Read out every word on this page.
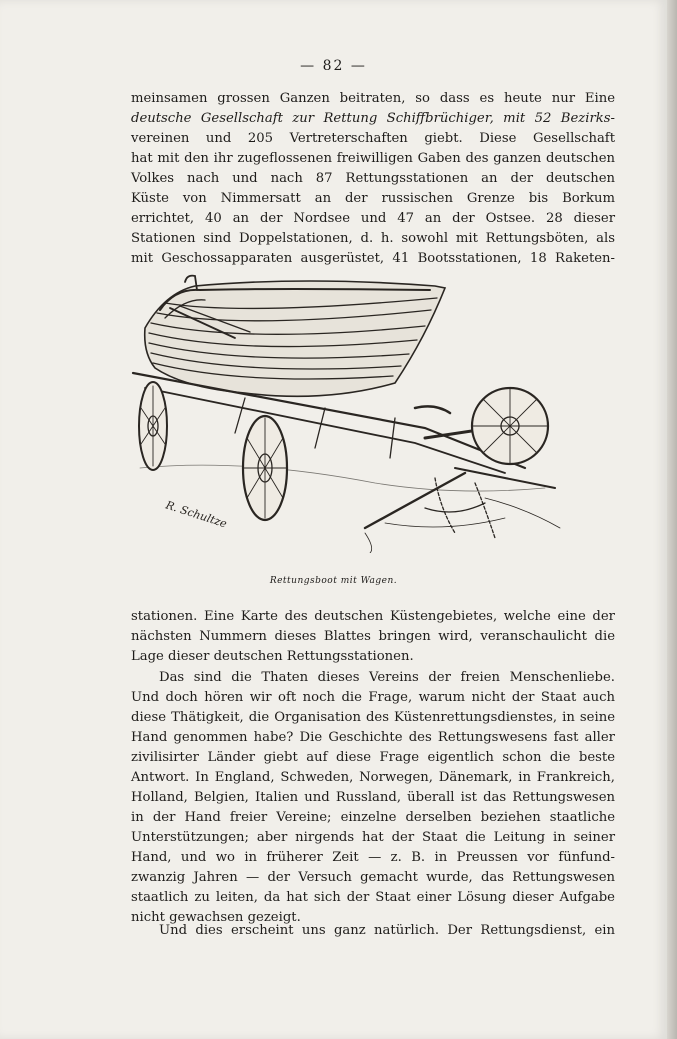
— 82 —
meinsamen grossen Ganzen beitraten, so dass es heute nur Eine
deutsche Gesellschaft zur Rettung Schiffbrüchiger, mit 52 Bezirks-
vereinen und 205 Vertreterschaften giebt. Diese Gesellschaft
hat mit den ihr zugeflossenen freiwilligen Gaben des ganzen deutschen
Volkes nach und nach 87 Rettungsstationen an der deutschen
Küste von Nimmersatt an der russischen Grenze bis Borkum
errichtet, 40 an der Nordsee und 47 an der Ostsee. 28 dieser
Stationen sind Doppelstationen, d. h. sowohl mit Rettungsböten, als
mit Geschossapparaten ausgerüstet, 41 Bootsstationen, 18 Raketen-
R. Schultze
Rettungsboot mit Wagen.
stationen. Eine Karte des deutschen Küstengebietes, welche eine der
nächsten Nummern dieses Blattes bringen wird, veranschaulicht die
Lage dieser deutschen Rettungsstationen.
Das sind die Thaten dieses Vereins der freien Menschenliebe.
Und doch hören wir oft noch die Frage, warum nicht der Staat auch
diese Thätigkeit, die Organisation des Küstenrettungsdienstes, in seine
Hand genommen habe? Die Geschichte des Rettungswesens fast aller
zivilisirter Länder giebt auf diese Frage eigentlich schon die beste
Antwort. In England, Schweden, Norwegen, Dänemark, in Frankreich,
Holland, Belgien, Italien und Russland, überall ist das Rettungswesen
in der Hand freier Vereine; einzelne derselben beziehen staatliche
Unterstützungen; aber nirgends hat der Staat die Leitung in seiner
Hand, und wo in früherer Zeit — z. B. in Preussen vor fünfund-
zwanzig Jahren — der Versuch gemacht wurde, das Rettungswesen
staatlich zu leiten, da hat sich der Staat einer Lösung dieser Aufgabe
nicht gewachsen gezeigt.
Und dies erscheint uns ganz natürlich. Der Rettungsdienst, ein
